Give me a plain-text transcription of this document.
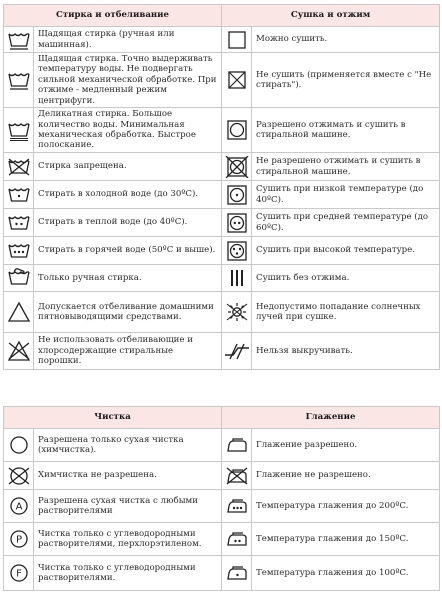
Стирка и отбеливание		Сушка и отжим	

	Щадящая стирка (ручная или машинная).		Можно сушить.

	Щадящая стирка. Точно выдерживать температуру воды. Не подвергать сильной механической обработке. При отжиме - медленный режим центрифуги.		Не сушить (применяется вместе с "Не стирать").

	Деликатная стирка. Большое количество воды. Минимальная механическая обработка. Быстрое полоскание.		Разрешено отжимать и сушить в стиральной машине.

	Стирка запрещена.		Не разрешено отжимать и сушить в стиральной машине.

	Стирать в холодной воде (до 30ºC).		Сушить при низкой температуре (до 40ºC).

	Стирать в теплой воде (до 40ºC).		Сушить при средней температуре (до 60ºC).

	Стирать в горячей воде (50ºC и выше).		Сушить при высокой температуре.

	Только ручная стирка.		Сушить без отжима.

	Допускается отбеливание домашними пятновыводящими средствами.		Недопустимо попадание солнечных лучей при сушке.

	Не использовать отбеливающие и хлорсодержащие стиральные порошки.		Нельзя выкручивать.
Чистка		Глажение	

	Разрешена только сухая чистка (химчистка).		Глажение разрешено.

	Химчистка не разрешена.		Глажение не разрешено.

A	Разрешена сухая чистка с любыми растворителями		Температура глажения до 200ºC.

P	Чистка только с углеводородными растворителями, перхлорэтиленом.		Температура глажения до 150ºC.

F	Чистка только с углеводородными растворителями.		Температура глажения до 100ºC.
